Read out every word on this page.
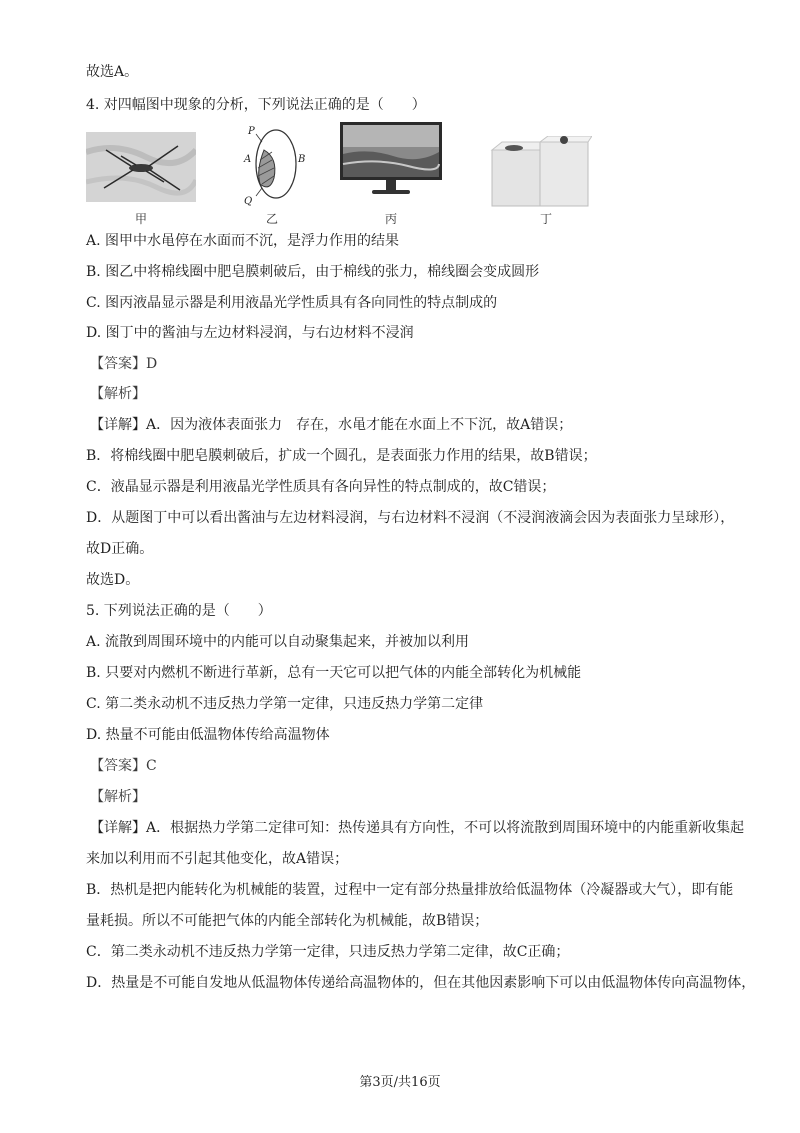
故选A。
4. 对四幅图中现象的分析，下列说法正确的是（　　）
甲
P
A	B
Q
乙	丙	丁
A. 图甲中水黾停在水面而不沉，是浮力作用的结果
B. 图乙中将棉线圈中肥皂膜刺破后，由于棉线的张力，棉线圈会变成圆形
C. 图丙液晶显示器是利用液晶光学性质具有各向同性的特点制成的
D. 图丁中的酱油与左边材料浸润，与右边材料不浸润
【答案】D
【解析】
【详解】A．因为液体表面张力　存在，水黾才能在水面上不下沉，故A错误；
B．将棉线圈中肥皂膜刺破后，扩成一个圆孔，是表面张力作用的结果，故B错误；
C．液晶显示器是利用液晶光学性质具有各向异性的特点制成的，故C错误；
D．从题图丁中可以看出酱油与左边材料浸润，与右边材料不浸润（不浸润液滴会因为表面张力呈球形），
故D正确。
故选D。
5. 下列说法正确的是（　　）
A. 流散到周围环境中的内能可以自动聚集起来，并被加以利用
B. 只要对内燃机不断进行革新，总有一天它可以把气体的内能全部转化为机械能
C. 第二类永动机不违反热力学第一定律，只违反热力学第二定律
D. 热量不可能由低温物体传给高温物体
【答案】C
【解析】
【详解】A．根据热力学第二定律可知：热传递具有方向性，不可以将流散到周围环境中的内能重新收集起
来加以利用而不引起其他变化，故A错误；
B．热机是把内能转化为机械能的装置，过程中一定有部分热量排放给低温物体（冷凝器或大气），即有能
量耗损。所以不可能把气体的内能全部转化为机械能，故B错误；
C．第二类永动机不违反热力学第一定律，只违反热力学第二定律，故C正确；
D．热量是不可能自发地从低温物体传递给高温物体的，但在其他因素影响下可以由低温物体传向高温物体，
第3页/共16页
